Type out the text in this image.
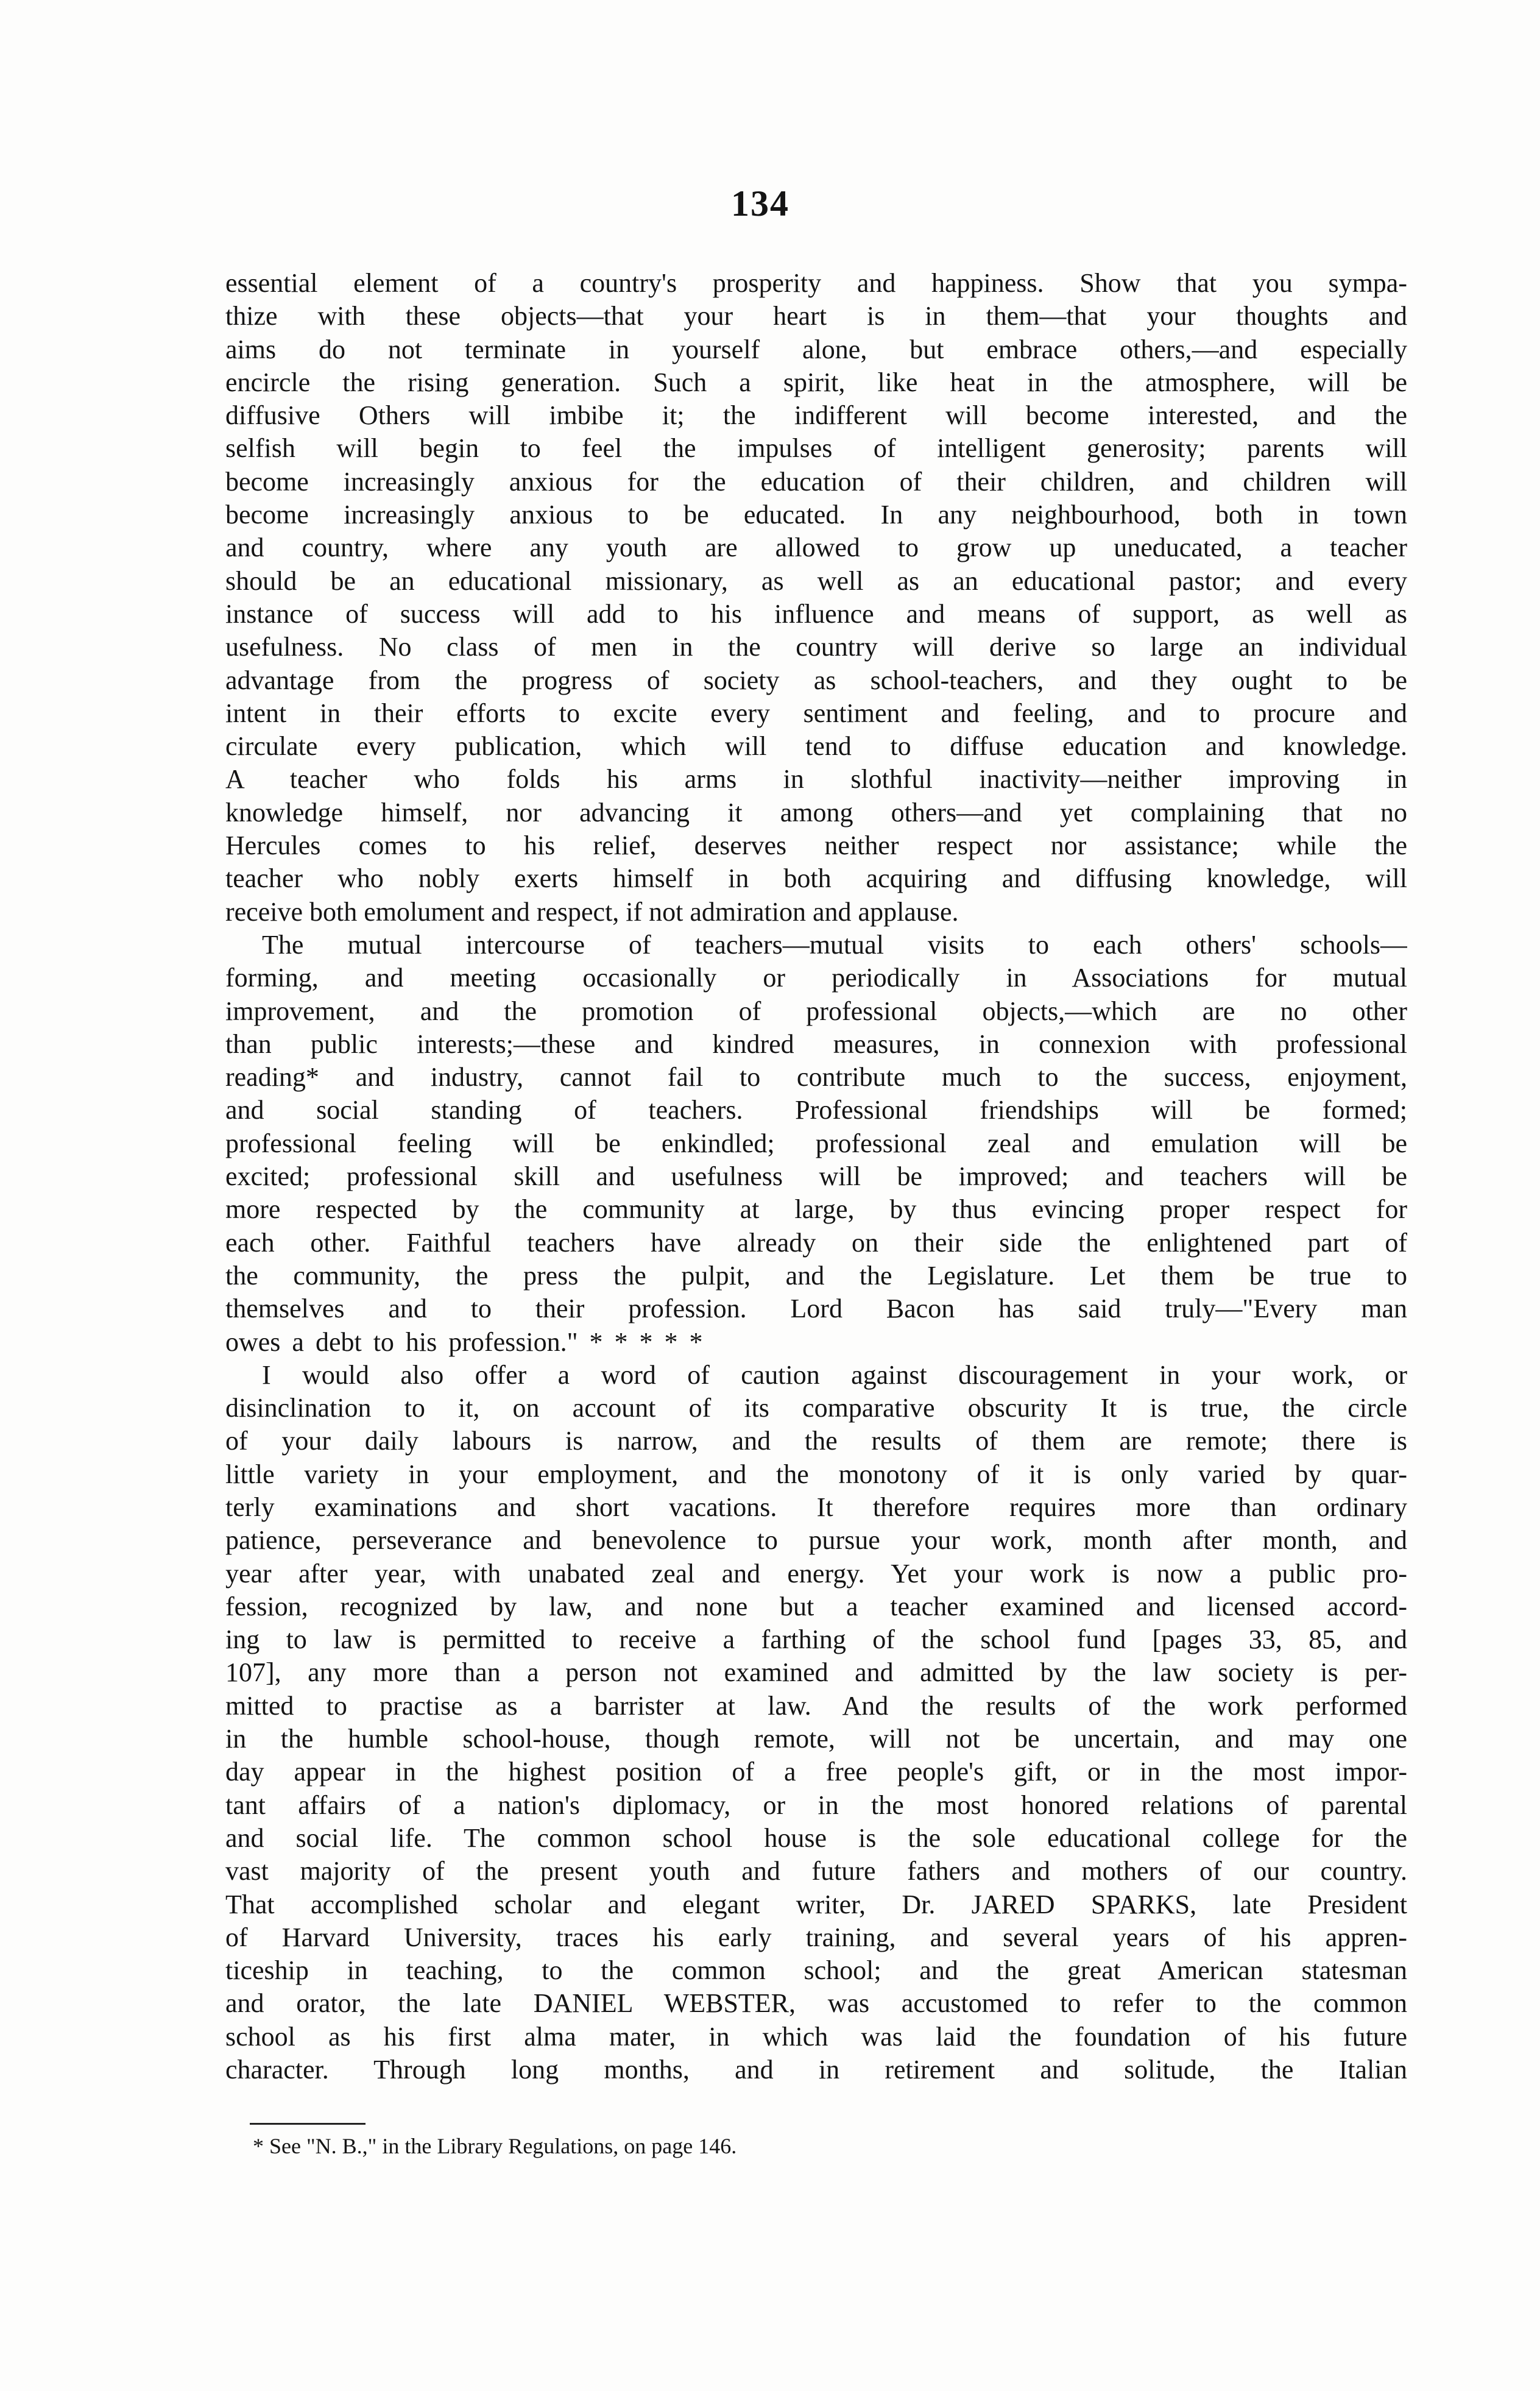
134
essential element of a country's prosperity and happiness. Show that you sympa-
thize with these objects—that your heart is in them—that your thoughts and
aims do not terminate in yourself alone, but embrace others,—and especially
encircle the rising generation. Such a spirit, like heat in the atmosphere, will be
diffusive Others will imbibe it; the indifferent will become interested, and the
selfish will begin to feel the impulses of intelligent generosity; parents will
become increasingly anxious for the education of their children, and children will
become increasingly anxious to be educated. In any neighbourhood, both in town
and country, where any youth are allowed to grow up uneducated, a teacher
should be an educational missionary, as well as an educational pastor; and every
instance of success will add to his influence and means of support, as well as
usefulness. No class of men in the country will derive so large an individual
advantage from the progress of society as school-teachers, and they ought to be
intent in their efforts to excite every sentiment and feeling, and to procure and
circulate every publication, which will tend to diffuse education and knowledge.
A teacher who folds his arms in slothful inactivity—neither improving in
knowledge himself, nor advancing it among others—and yet complaining that no
Hercules comes to his relief, deserves neither respect nor assistance; while the
teacher who nobly exerts himself in both acquiring and diffusing knowledge, will
receive both emolument and respect, if not admiration and applause.
The mutual intercourse of teachers—mutual visits to each others' schools—
forming, and meeting occasionally or periodically in Associations for mutual
improvement, and the promotion of professional objects,—which are no other
than public interests;—these and kindred measures, in connexion with professional
reading* and industry, cannot fail to contribute much to the success, enjoyment,
and social standing of teachers. Professional friendships will be formed;
professional feeling will be enkindled; professional zeal and emulation will be
excited; professional skill and usefulness will be improved; and teachers will be
more respected by the community at large, by thus evincing proper respect for
each other. Faithful teachers have already on their side the enlightened part of
the community, the press the pulpit, and the Legislature. Let them be true to
themselves and to their profession. Lord Bacon has said truly—"Every man
owes a debt to his profession." * * * * *
I would also offer a word of caution against discouragement in your work, or
disinclination to it, on account of its comparative obscurity It is true, the circle
of your daily labours is narrow, and the results of them are remote; there is
little variety in your employment, and the monotony of it is only varied by quar-
terly examinations and short vacations. It therefore requires more than ordinary
patience, perseverance and benevolence to pursue your work, month after month, and
year after year, with unabated zeal and energy. Yet your work is now a public pro-
fession, recognized by law, and none but a teacher examined and licensed accord-
ing to law is permitted to receive a farthing of the school fund [pages 33, 85, and
107], any more than a person not examined and admitted by the law society is per-
mitted to practise as a barrister at law. And the results of the work performed
in the humble school-house, though remote, will not be uncertain, and may one
day appear in the highest position of a free people's gift, or in the most impor-
tant affairs of a nation's diplomacy, or in the most honored relations of parental
and social life. The common school house is the sole educational college for the
vast majority of the present youth and future fathers and mothers of our country.
That accomplished scholar and elegant writer, Dr. JARED SPARKS, late President
of Harvard University, traces his early training, and several years of his appren-
ticeship in teaching, to the common school; and the great American statesman
and orator, the late DANIEL WEBSTER, was accustomed to refer to the common
school as his first alma mater, in which was laid the foundation of his future
character. Through long months, and in retirement and solitude, the Italian
* See "N. B.," in the Library Regulations, on page 146.
